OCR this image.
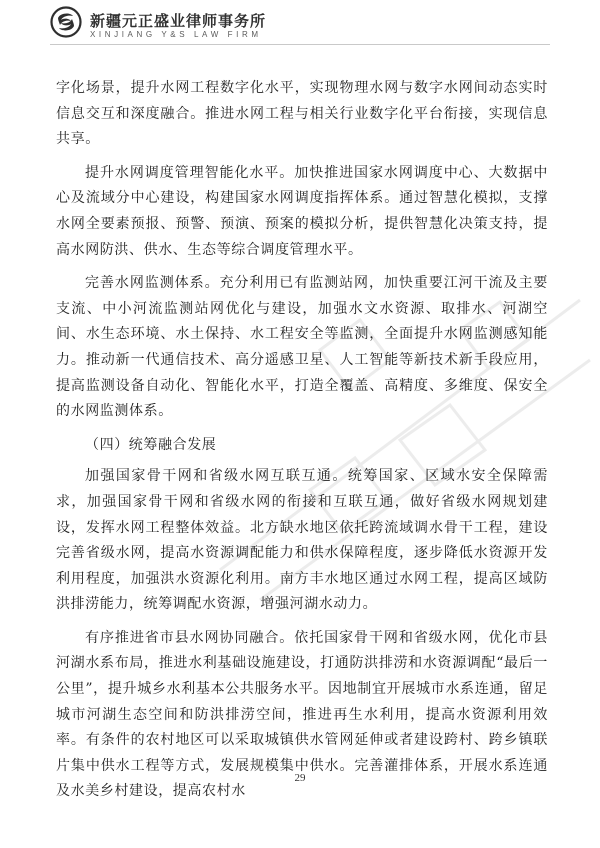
新疆元正盛业律师事务所
XINJIANG Y&S LAW FIRM

字化场景，提升水网工程数字化水平，实现物理水网与数字水网间动态实时信息交互和深度融合。推进水网工程与相关行业数字化平台衔接，实现信息共享。

提升水网调度管理智能化水平。加快推进国家水网调度中心、大数据中心及流域分中心建设，构建国家水网调度指挥体系。通过智慧化模拟，支撑水网全要素预报、预警、预演、预案的模拟分析，提供智慧化决策支持，提高水网防洪、供水、生态等综合调度管理水平。

完善水网监测体系。充分利用已有监测站网，加快重要江河干流及主要支流、中小河流监测站网优化与建设，加强水文水资源、取排水、河湖空间、水生态环境、水土保持、水工程安全等监测，全面提升水网监测感知能力。推动新一代通信技术、高分遥感卫星、人工智能等新技术新手段应用，提高监测设备自动化、智能化水平，打造全覆盖、高精度、多维度、保安全的水网监测体系。

（四）统筹融合发展

加强国家骨干网和省级水网互联互通。统筹国家、区域水安全保障需求，加强国家骨干网和省级水网的衔接和互联互通，做好省级水网规划建设，发挥水网工程整体效益。北方缺水地区依托跨流域调水骨干工程，建设完善省级水网，提高水资源调配能力和供水保障程度，逐步降低水资源开发利用程度，加强洪水资源化利用。南方丰水地区通过水网工程，提高区域防洪排涝能力，统筹调配水资源，增强河湖水动力。

有序推进省市县水网协同融合。依托国家骨干网和省级水网，优化市县河湖水系布局，推进水利基础设施建设，打通防洪排涝和水资源调配“最后一公里”，提升城乡水利基本公共服务水平。因地制宜开展城市水系连通，留足城市河湖生态空间和防洪排涝空间，推进再生水利用，提高水资源利用效率。有条件的农村地区可以采取城镇供水管网延伸或者建设跨村、跨乡镇联片集中供水工程等方式，发展规模集中供水。完善灌排体系，开展水系连通及水美乡村建设，提高农村水

29
